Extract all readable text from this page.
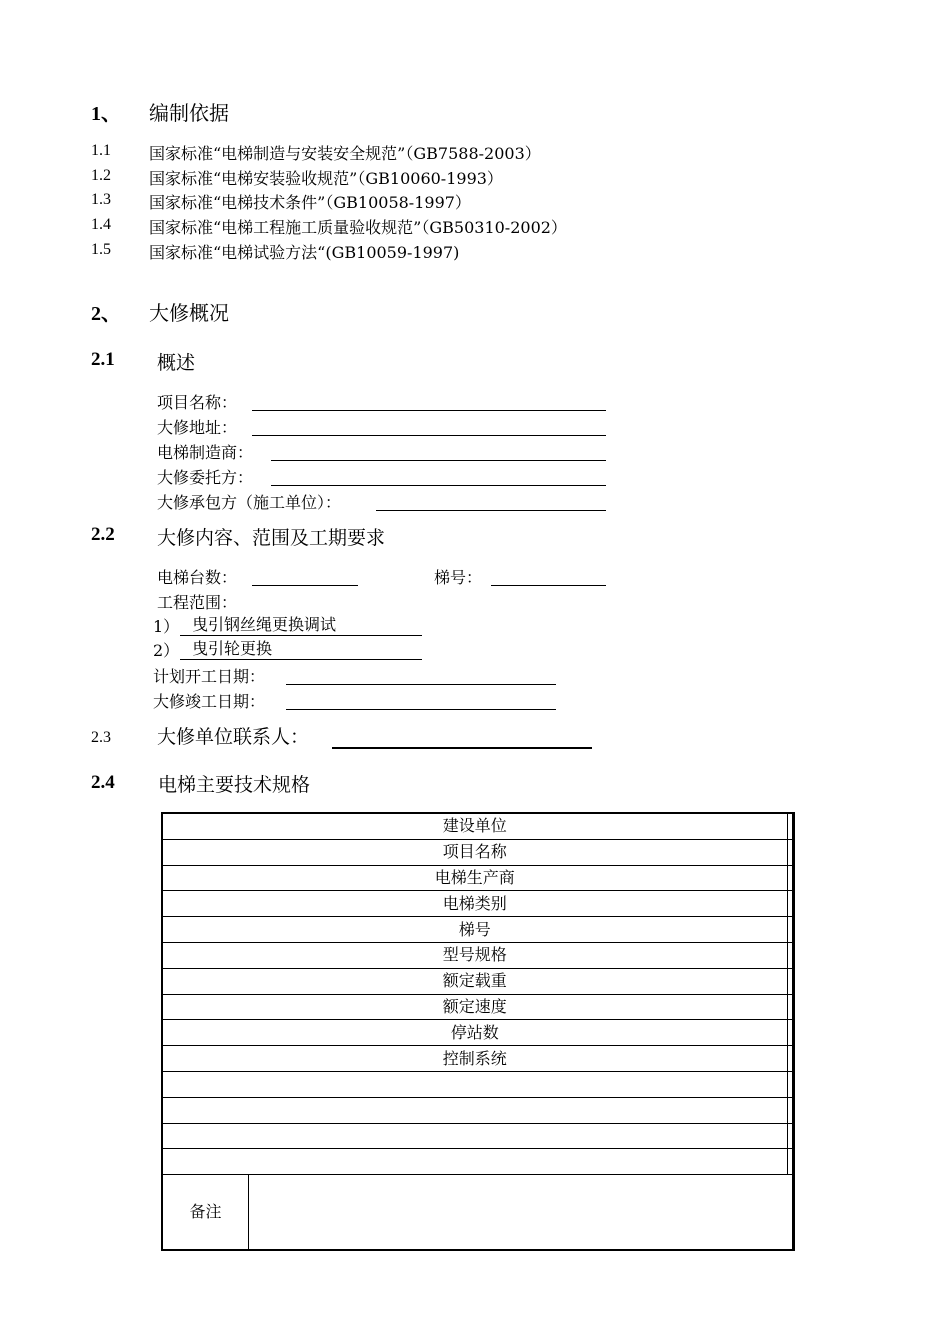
1、 编制依据
1.1 国家标准“电梯制造与安装安全规范”（GB7588-2003）
1.2 国家标准“电梯安装验收规范”（GB10060-1993）
1.3 国家标准“电梯技术条件”（GB10058-1997）
1.4 国家标准“电梯工程施工质量验收规范”（GB50310-2002）
1.5 国家标准“电梯试验方法“(GB10059-1997)
2、 大修概况
2.1 概述
项目名称：
大修地址：
电梯制造商：
大修委托方：
大修承包方（施工单位）：
2.2 大修内容、范围及工期要求
电梯台数：	梯号：
工程范围：
1） 曳引钢丝绳更换调试
2） 曳引轮更换
计划开工日期：
大修竣工日期：
2.3 大修单位联系人：
2.4 电梯主要技术规格
建设单位		
项目名称		
电梯生产商		
电梯类别		
梯号		
型号规格		
额定载重		
额定速度		
停站数		
控制系统		

备注		
